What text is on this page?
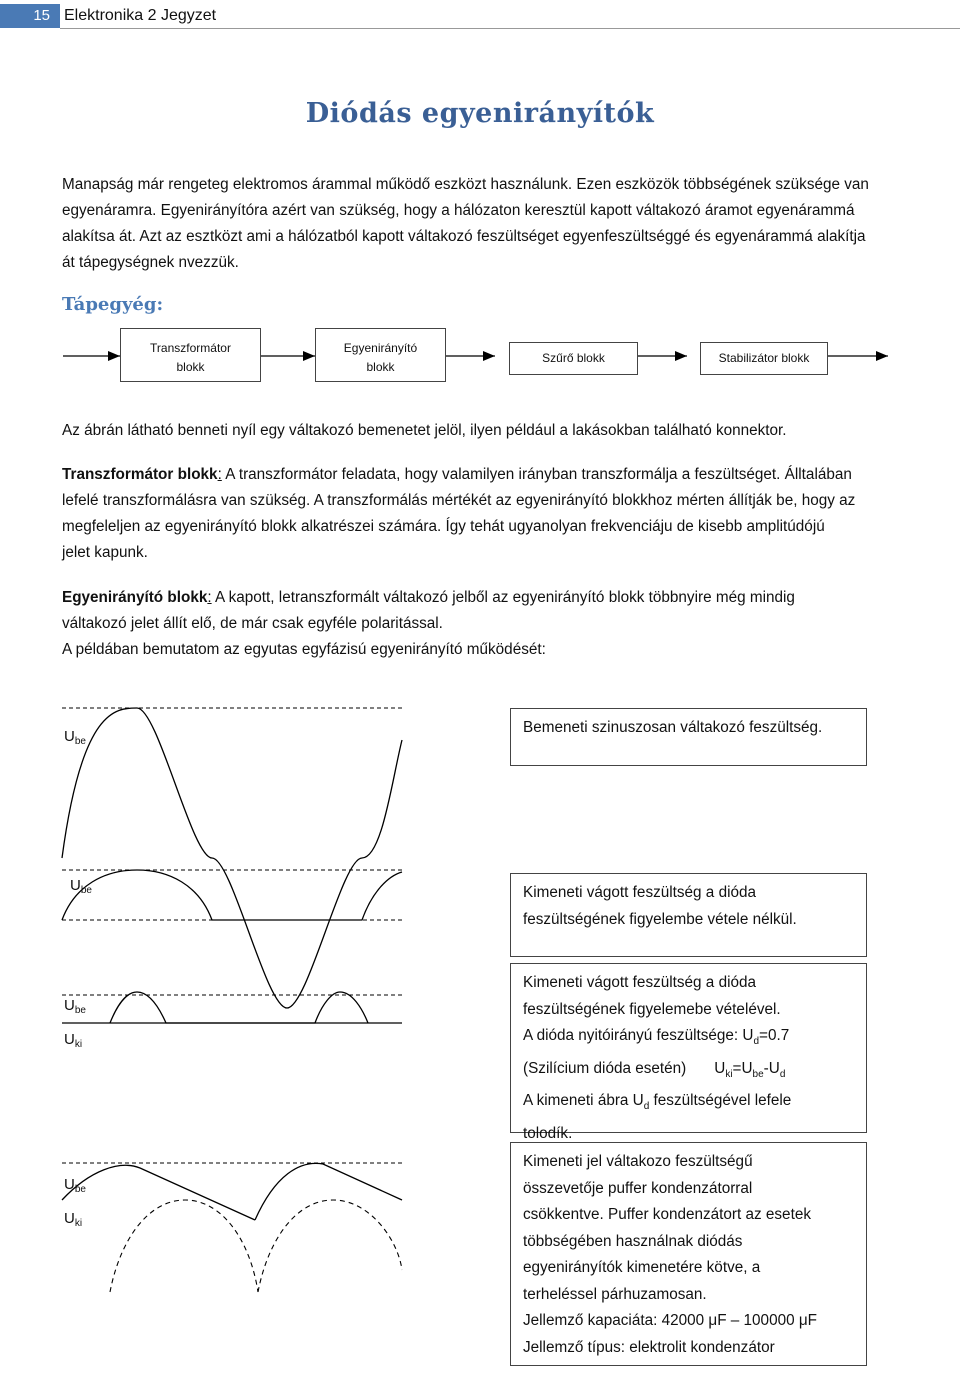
15 Elektronika 2 Jegyzet
Diódás egyenirányítók
Manapság már rengeteg elektromos árammal működő eszközt használunk. Ezen eszközök többségének szüksége van
egyenáramra. Egyenirányítóra azért van szükség, hogy a hálózaton keresztül kapott váltakozó áramot egyenárammá
alakítsa át. Azt az esztközt ami a hálózatból kapott váltakozó feszültséget egyenfeszültséggé és egyenárammá alakítja
át tápegységnek nvezzük.
Tápegyég:
Transzformátor
blokk
Egyenirányító
blokk
Szűrő blokk	Stabilizátor blokk
Az ábrán látható benneti nyíl egy váltakozó bemenetet jelöl, ilyen például a lakásokban található konnektor.
Transzformátor blokk: A transzformátor feladata, hogy valamilyen irányban transzformálja a feszültséget. Álltalában
lefelé transzformálásra van szükség. A transzformálás mértékét az egyenirányító blokkhoz mérten állítják be, hogy az
megfeleljen az egyenirányító blokk alkatrészei számára. Így tehát ugyanolyan frekvenciáju de kisebb amplitúdójú
jelet kapunk.
Egyenirányító blokk: A kapott, letranszformált váltakozó jelből az egyenirányító blokk többnyire még mindig
váltakozó jelet állít elő, de már csak egyféle polaritással.
A példában bemutatom az egyutas egyfázisú egyenirányító működését:
$U_{be}$
$U_{be}$
$U_{be}$
$U_{ki}$
$U_{be}$
$U_{ki}$
Bemeneti szinuszosan váltakozó feszültség.
Kimeneti vágott feszültség a dióda
feszültségének figyelembe vétele nélkül.
Kimeneti vágott feszültség a dióda
feszültségének figyelemebe vételével.
A dióda nyitóirányú feszültsége: $U_d=0.7$
(Szilícium dióda esetén) $U_{ki}=U_{be}-U_d$
A kimeneti ábra $U_d$ feszültségével lefele
tolodík.
Kimeneti jel váltakozo feszültségű
összevetője puffer kondenzátorral
csökkentve. Puffer kondenzátort az esetek
többségében használnak diódás
egyenirányítók kimenetére kötve, a
terheléssel párhuzamosan.
Jellemző kapaciáta: 42000 μF – 100000 μF
Jellemző típus: elektrolit kondenzátor
